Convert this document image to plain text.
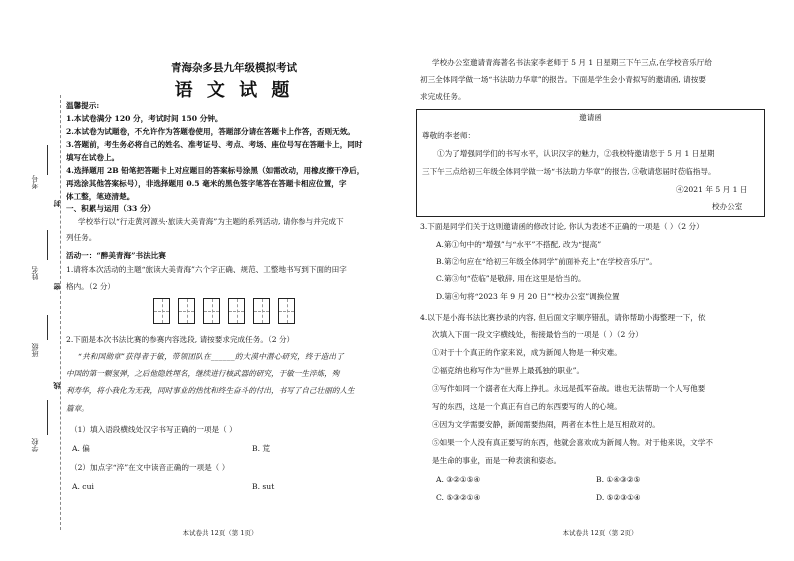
考号
姓名
班级
学校
封
密
线
青海杂多县九年级模拟考试
语 文 试 题
温馨提示:
1.本试卷满分 120 分，考试时间 150 分钟。
2.本试卷为试题卷，不允许作为答题卷使用，答题部分请在答题卡上作答，否则无效。
3.答题前，考生务必将自己的姓名、准考证号、考点、考场、座位号写在答题卡上，同时
填写在试卷上。
4.选择题用 2B 铅笔把答题卡上对应题目的答案标号涂黑（如需改动，用橡皮擦干净后，
再选涂其他答案标号），非选择题用 0.5 毫米的黑色签字笔答在答题卡相应位置，字
体工整，笔迹清楚。
一、积累与运用（33 分）
学校举行以“行走黄河源头·旅读大美青海”为主题的系列活动, 请你参与并完成下
列任务。
活动一：“醉美青海”书法比赛
1.请将本次活动的主题“旅读大美青海”六个字正确、规范、工整地书写到下面的田字
格内。（2 分）
2.下面是本次书法比赛的参赛内容选段, 请按要求完成任务。（2 分）
“共和国勋章”获得者于敏，带领团队在______的大漠中潜心研究，终于造出了
中国的第一颗氢弹，之后他隐姓埋名，继续进行核武器的研究，于敏一生淬炼，殉
利寿华，将小我化为无我，同时事业的热忱和终生奋斗的付出，书写了自己壮丽的人生
篇章。
（1）填入语段横线处汉字书写正确的一项是（ ）
A. 偏	B. 荒
（2）加点字“淬”在文中读音正确的一项是（ ）
A. cui	B. sut
本试卷共 12页（第 1页）
学校办公室邀请青海著名书法家李老师于 5 月 1 日星期三下午三点,在学校音乐厅给
初三全体同学做一场“书法助力华章”的报告。下面是学生会小青拟写的邀请函, 请按要
求完成任务。
邀请函
尊敬的李老师：
①为了增强同学们的书写水平，认识汉字的魅力，②我校特邀请您于 5 月 1 日星期
三下午三点给初三年级全体同学做一场“书法助力华章”的报告, ③敬请您届时莅临指导。
④2021 年 5 月 1 日
校办公室
3.下面是同学们关于这则邀请函的修改讨论, 你认为表述不正确的一项是（ ）（2 分）
A.第①句中的“增强”与“水平”不搭配, 改为“提高”
B.第②句应在“给初三年级全体同学”前面补充上“在学校音乐厅”。
C.第③句“莅临”是敬辞, 用在这里是恰当的。
D.第④句将“2023 年 9 月 20 日”“校办公室”调换位置
4.以下是小海书法比赛抄录的内容, 但后面文字顺序错乱，请你帮助小海整理一下，依
次填入下面一段文字横线处，衔接最恰当的一项是（ ）（2 分）
①对于十个真正的作家来说，成为新闻人物是一种灾难。
②福克纳也称写作为“世界上最孤独的职业”。
③写作如同一个溺者在大海上挣扎。永远是孤军奋战。谁也无法帮助一个人写他要
写的东西，这是一个真正有自己的东西要写的人的心境。
④因为文学需要安静，新闻需要热闹，两者在本性上是互相敌对的。
⑤如果一个人没有真正要写的东西，他就会喜欢成为新闻人物。对于他来说，文学不
是生命的事业，而是一种表演和姿态。
A. ③②①⑤④	B. ①④③②⑤
C. ⑤③②①④	D. ⑤②③①④
本试卷共 12页（第 2页）
